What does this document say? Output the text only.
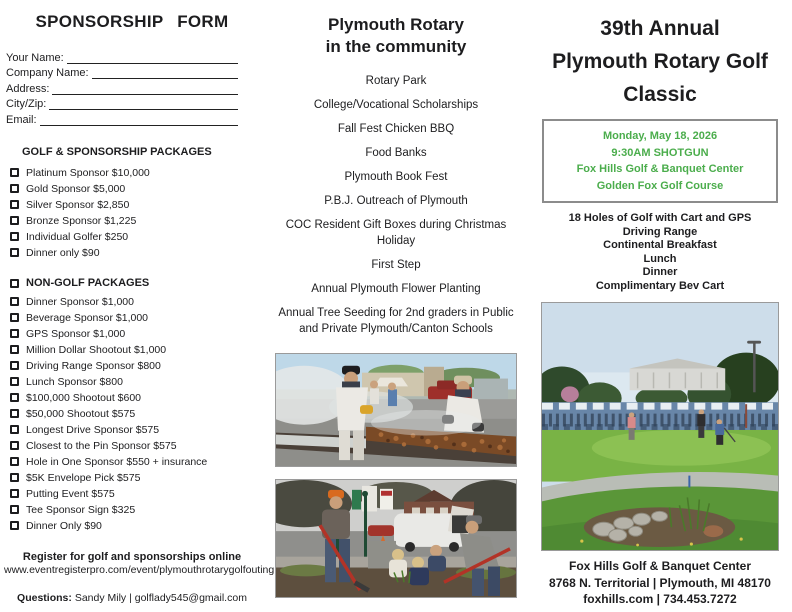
SPONSORSHIP FORM
Your Name:
Company Name:
Address:
City/Zip:
Email:
GOLF & SPONSORSHIP PACKAGES
Platinum Sponsor $10,000
Gold Sponsor $5,000
Silver Sponsor $2,850
Bronze Sponsor $1,225
Individual Golfer $250
Dinner only $90
NON-GOLF PACKAGES
Dinner Sponsor $1,000
Beverage Sponsor $1,000
GPS Sponsor $1,000
Million Dollar Shootout $1,000
Driving Range Sponsor $800
Lunch Sponsor $800
$100,000 Shootout $600
$50,000 Shootout $575
Longest Drive Sponsor $575
Closest to the Pin Sponsor $575
Hole in One Sponsor $550 + insurance
$5K Envelope Pick $575
Putting Event $575
Tee Sponsor Sign $325
Dinner Only $90
Register for golf and sponsorships online
www.eventregisterpro.com/event/plymouthrotarygolfouting
Questions: Sandy Mily | golflady545@gmail.com
Plymouth Rotary
in the community
Rotary Park
College/Vocational Scholarships
Fall Fest Chicken BBQ
Food Banks
Plymouth Book Fest
P.B.J. Outreach of Plymouth
COC Resident Gift Boxes during Christmas Holiday
First Step
Annual Plymouth Flower Planting
Annual Tree Seeding for 2nd graders in Public and Private Plymouth/Canton Schools
39th Annual
Plymouth Rotary Golf
Classic
Monday, May 18, 2026
9:30AM SHOTGUN
Fox Hills Golf & Banquet Center
Golden Fox Golf Course
18 Holes of Golf with Cart and GPS
Driving Range
Continental Breakfast
Lunch
Dinner
Complimentary Bev Cart
Fox Hills Golf & Banquet Center
8768 N. Territorial | Plymouth, MI 48170
foxhills.com | 734.453.7272
